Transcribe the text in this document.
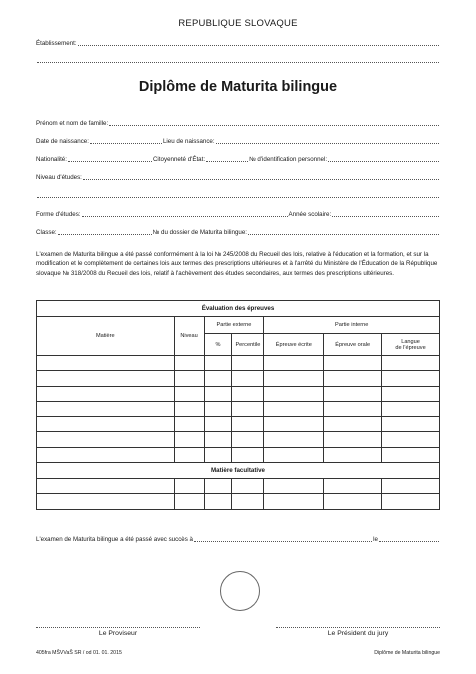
REPUBLIQUE SLOVAQUE
Établissement:
Diplôme de Maturita bilingue
Prénom et nom de famille:
Date de naissance:	Lieu de naissance:
Nationalité:	Citoyenneté d'État:	№ d'identification personnel:
Niveau d'études:
Forme d'études:	Année scolaire:
Classe:	№ du dossier de Maturita bilingue:
L'examen de Maturita bilingue a été passé conformément à la loi № 245/2008 du Recueil des lois, relative à l'éducation et la formation, et sur la modification et le complètement de certaines lois aux termes des prescriptions ultérieures et à l'arrêté du Ministère de l'Éducation de la République slovaque № 318/2008 du Recueil des lois, relatif à l'achèvement des études secondaires, aux termes des prescriptions ultérieures.
Évaluation des épreuves						
Matière	Niveau	Partie externe		Partie interne		
		%	Percentile	Épreuve écrite	Épreuve orale	Langue
de l'épreuve

Matière facultative						

L'examen de Maturita bilingue a été passé avec succès à	le
Le Proviseur	Le Président du jury
405fra MŠVVaŠ SR / od 01. 01. 2015	Diplôme de Maturita bilingue
